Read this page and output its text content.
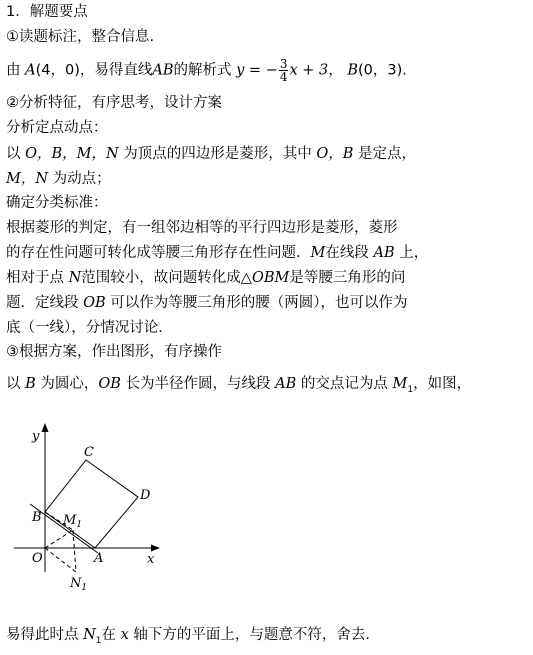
1．解题要点
①读题标注，整合信息.
由 A(4，0)，易得直线AB的解析式 y = − $\frac{3}{4}$ x + 3， B(0，3).
②分析特征，有序思考，设计方案
分析定点动点：
以 O，B，M，N 为顶点的四边形是菱形，其中 O，B 是定点，
M，N 为动点；
确定分类标准：
根据菱形的判定，有一组邻边相等的平行四边形是菱形，菱形
的存在性问题可转化成等腰三角形存在性问题．M在线段 AB 上，
相对于点 N范围较小，故问题转化成△OBM是等腰三角形的问
题．定线段 OB 可以作为等腰三角形的腰（两圆），也可以作为
底（一线），分情况讨论．
③根据方案，作出图形，有序操作
以 B 为圆心，OB 长为半径作圆，与线段 AB 的交点记为点 $M_1$，如图，
y
x
O	A
B
C
D
$M_1$
$N_1$
易得此时点 $N_1$在 x 轴下方的平面上，与题意不符，舍去．
